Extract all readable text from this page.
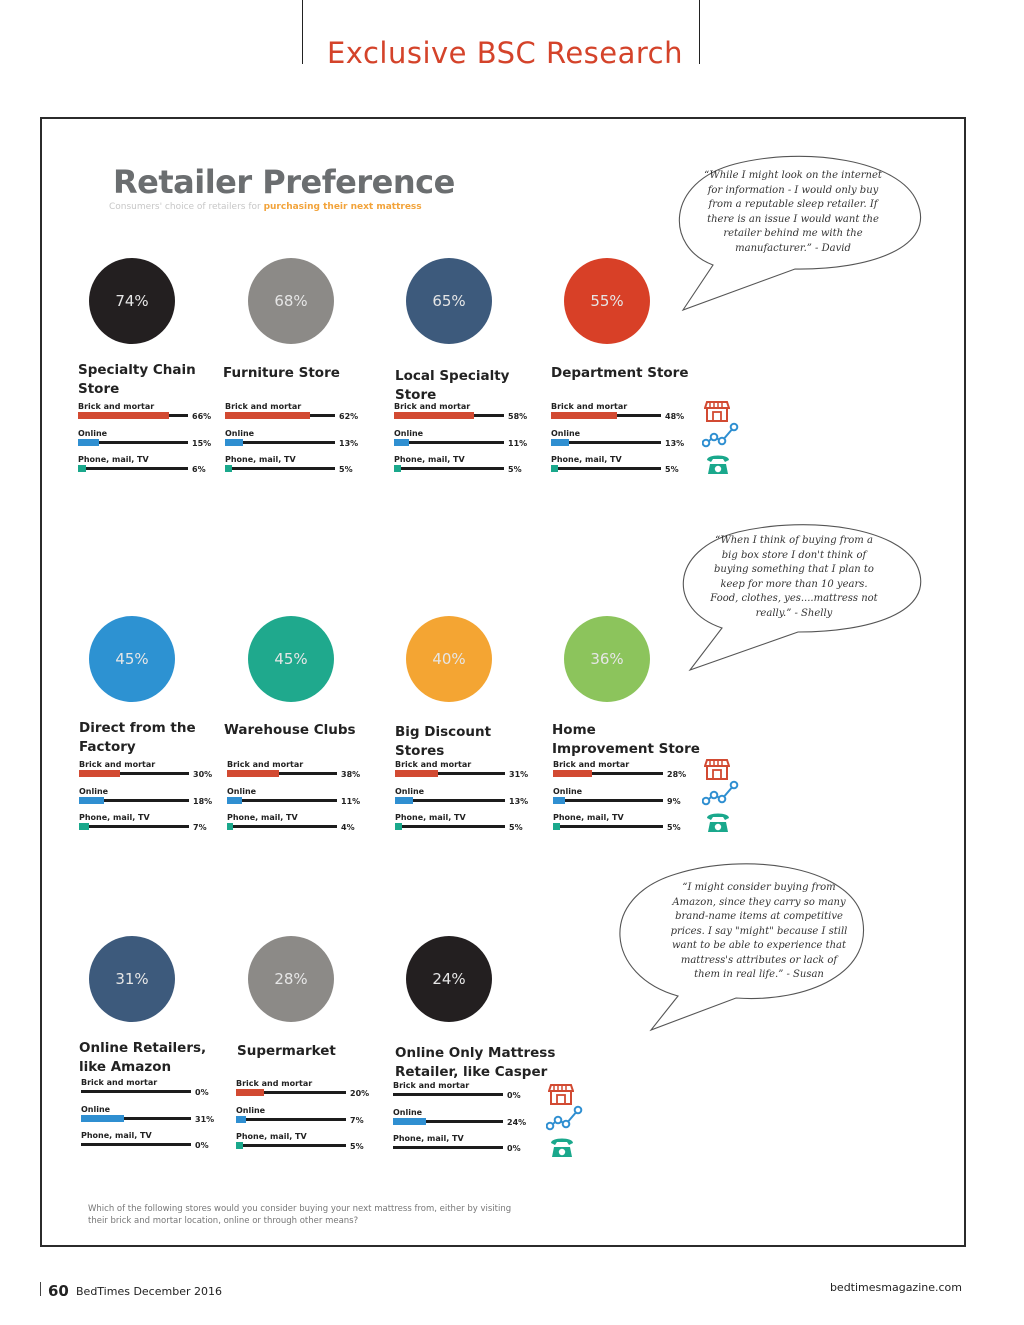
Exclusive BSC Research
Retailer Preference
Consumers' choice of retailers for purchasing their next mattress
74%
Specialty Chain Store
Brick and mortar
66%
Online
15%
Phone, mail, TV
6%
68%
Furniture Store
Brick and mortar
62%
Online
13%
Phone, mail, TV
5%
65%
Local Specialty Store
Brick and mortar
58%
Online
11%
Phone, mail, TV
5%
55%
Department Store
Brick and mortar
48%
Online
13%
Phone, mail, TV
5%
45%
Direct from the Factory
Brick and mortar
30%
Online
18%
Phone, mail, TV
7%
45%
Warehouse Clubs
Brick and mortar
38%
Online
11%
Phone, mail, TV
4%
40%
Big Discount Stores
Brick and mortar
31%
Online
13%
Phone, mail, TV
5%
36%
Home Improvement Store
Brick and mortar
28%
Online
9%
Phone, mail, TV
5%
31%
Online Retailers, like Amazon
Brick and mortar
0%
Online
31%
Phone, mail, TV
0%
28%
Supermarket
Brick and mortar
20%
Online
7%
Phone, mail, TV
5%
24%
Online Only Mattress Retailer, like Casper
Brick and mortar
0%
Online
24%
Phone, mail, TV
0%
“While I might look on the internet for information - I would only buy from a reputable sleep retailer. If there is an issue I would want the retailer behind me with the manufacturer.” - David
“When I think of buying from a big box store I don't think of buying something that I plan to keep for more than 10 years. Food, clothes, yes....mattress not really.” - Shelly
“I might consider buying from Amazon, since they carry so many brand-name items at competitive prices. I say "might" because I still want to be able to experience that mattress's attributes or lack of them in real life.” - Susan
Which of the following stores would you consider buying your next mattress from, either by visiting their brick and mortar location, online or through other means?
60 BedTimes December 2016	bedtimesmagazine.com
